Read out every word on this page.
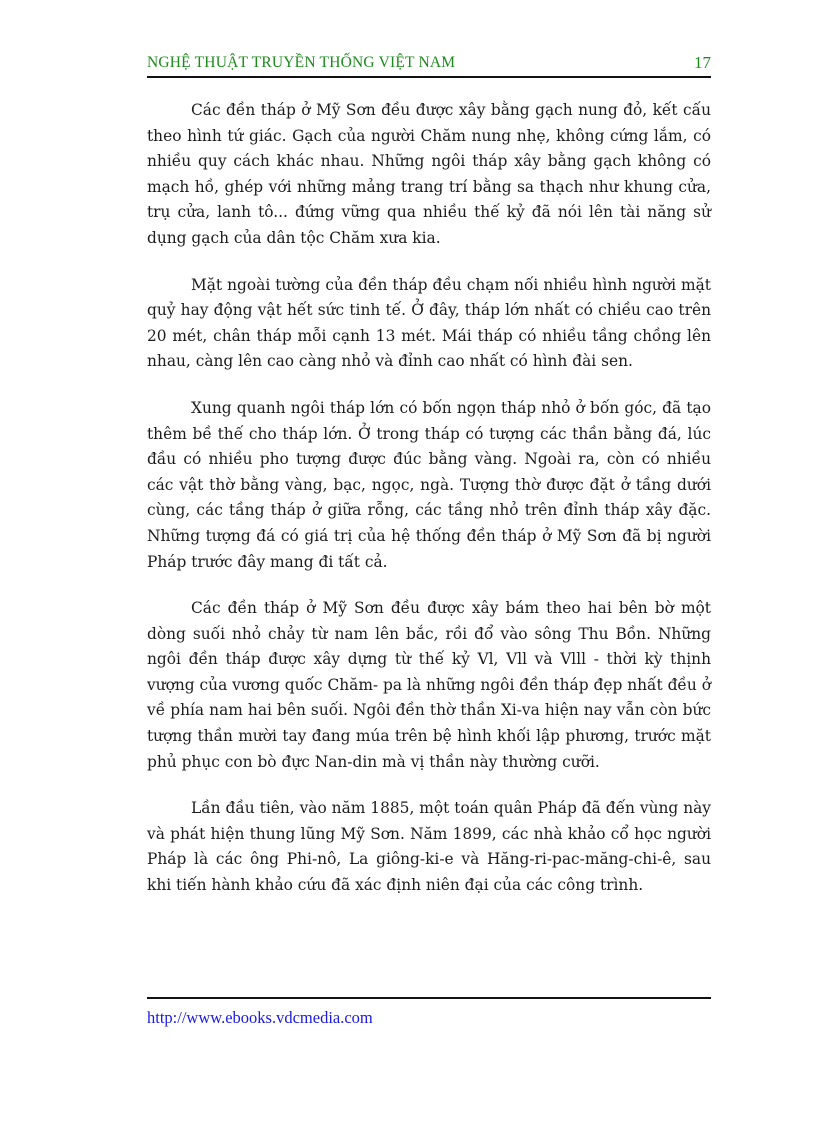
NGHỆ THUẬT TRUYỀN THỐNG VIỆT NAM	17

Các đền tháp ở Mỹ Sơn đều được xây bằng gạch nung đỏ, kết cấu theo hình tứ giác. Gạch của người Chăm nung nhẹ, không cứng lắm, có nhiều quy cách khác nhau. Những ngôi tháp xây bằng gạch không có mạch hồ, ghép với những mảng trang trí bằng sa thạch như khung cửa, trụ cửa, lanh tô... đứng vững qua nhiều thế kỷ đã nói lên tài năng sử dụng gạch của dân tộc Chăm xưa kia.

Mặt ngoài tường của đền tháp đều chạm nối nhiều hình người mặt quỷ hay động vật hết sức tinh tế. Ở đây, tháp lớn nhất có chiều cao trên 20 mét, chân tháp mỗi cạnh 13 mét. Mái tháp có nhiều tầng chồng lên nhau, càng lên cao càng nhỏ và đỉnh cao nhất có hình đài sen.

Xung quanh ngôi tháp lớn có bốn ngọn tháp nhỏ ở bốn góc, đã tạo thêm bề thế cho tháp lớn. Ở trong tháp có tượng các thần bằng đá, lúc đầu có nhiều pho tượng được đúc bằng vàng. Ngoài ra, còn có nhiều các vật thờ bằng vàng, bạc, ngọc, ngà. Tượng thờ được đặt ở tầng dưới cùng, các tầng tháp ở giữa rỗng, các tầng nhỏ trên đỉnh tháp xây đặc. Những tượng đá có giá trị của hệ thống đền tháp ở Mỹ Sơn đã bị người Pháp trước đây mang đi tất cả.

Các đền tháp ở Mỹ Sơn đều được xây bám theo hai bên bờ một dòng suối nhỏ chảy từ nam lên bắc, rồi đổ vào sông Thu Bồn. Những ngôi đền tháp được xây dựng từ thế kỷ Vl, Vll và Vlll - thời kỳ thịnh vượng của vương quốc Chăm- pa là những ngôi đền tháp đẹp nhất đều ở về phía nam hai bên suối. Ngôi đền thờ thần Xi-va hiện nay vẫn còn bức tượng thần mười tay đang múa trên bệ hình khối lập phương, trước mặt phủ phục con bò đực Nan-din mà vị thần này thường cưỡi.

Lần đầu tiên, vào năm 1885, một toán quân Pháp đã đến vùng này và phát hiện thung lũng Mỹ Sơn. Năm 1899, các nhà khảo cổ học người Pháp là các ông Phi-nô, La giông-ki-e và Hăng-ri-pac-măng-chi-ê, sau khi tiến hành khảo cứu đã xác định niên đại của các công trình.

http://www.ebooks.vdcmedia.com
